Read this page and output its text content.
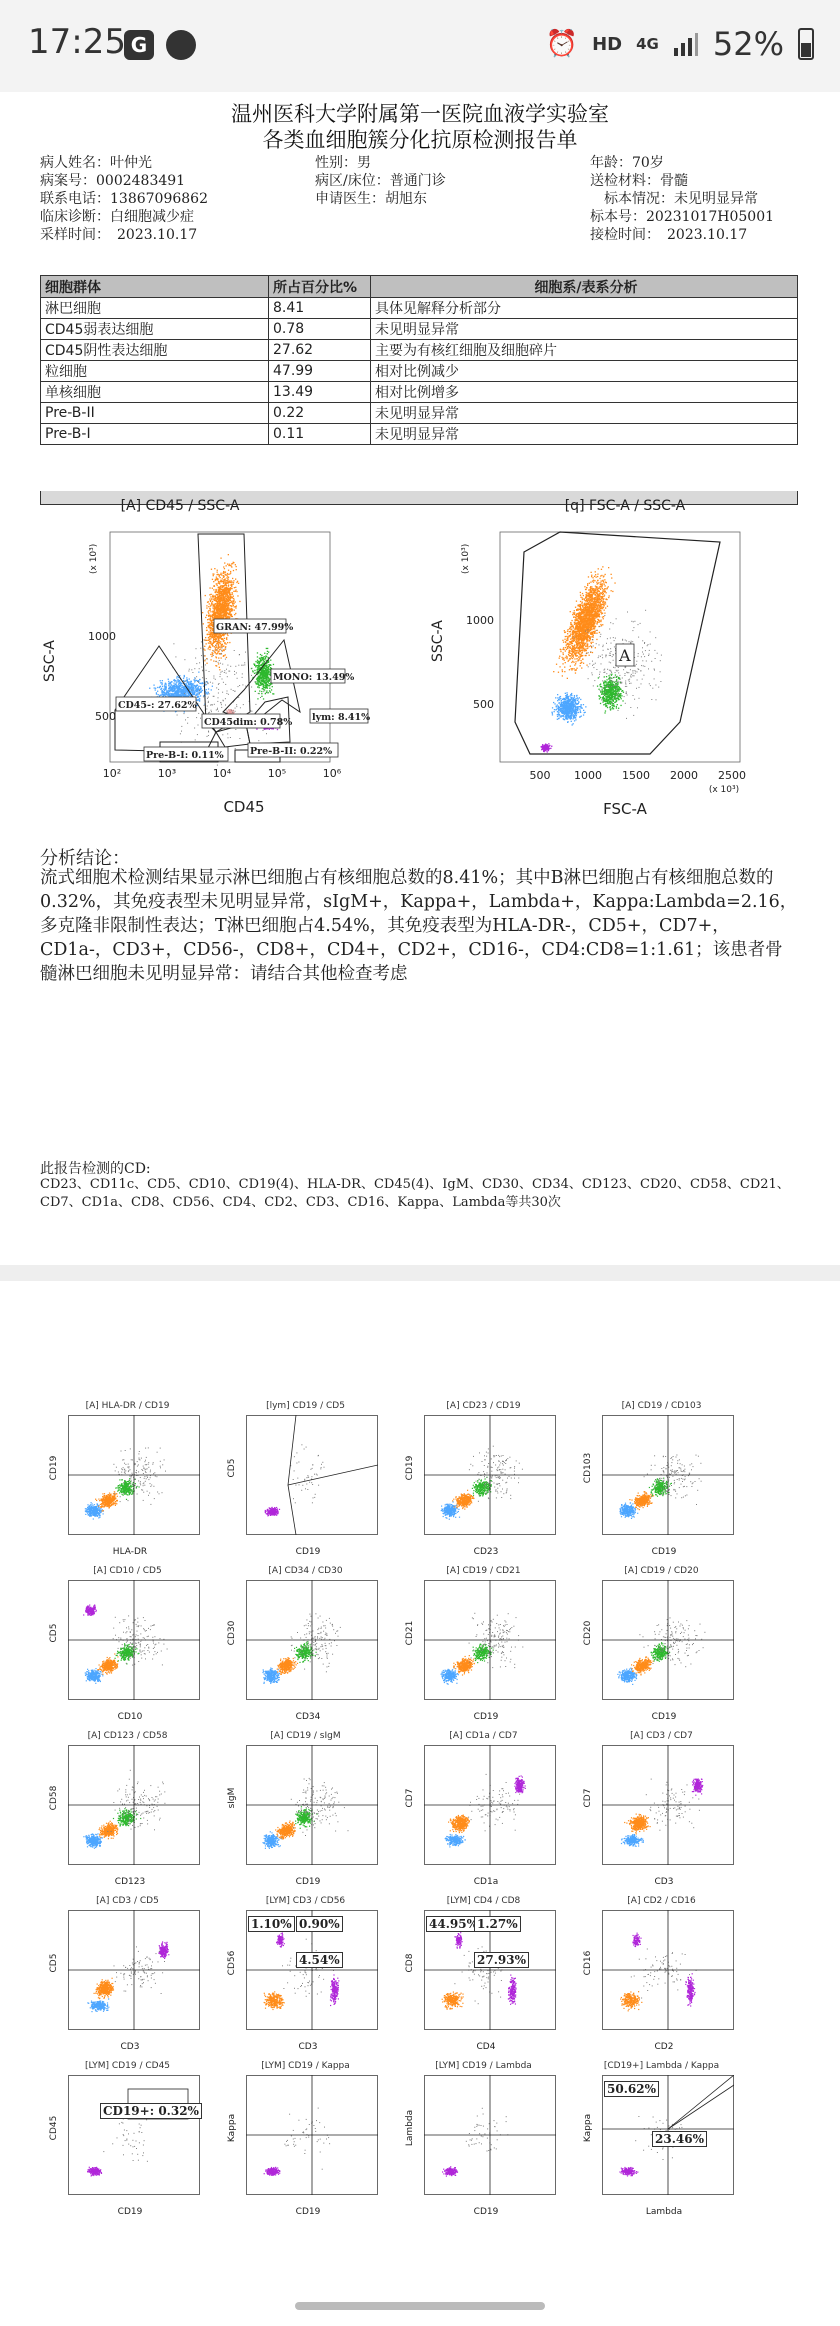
17:25 G	⏰ HD 4G 52%
温州医科大学附属第一医院血液学实验室
各类血细胞簇分化抗原检测报告单
病人姓名：叶仲光	性别：男	年龄：70岁
病案号：0002483491	病区/床位：普通门诊	送检材料：骨髓
联系电话：13867096862	申请医生：胡旭东	　标本情况：未见明显异常
临床诊断：白细胞减少症	标本号：20231017H05001
采样时间：　2023.10.17	接检时间：　2023.10.17
细胞群体	所占百分比%	细胞系/表系分析
淋巴细胞	8.41	具体见解释分析部分
CD45弱表达细胞	0.78	未见明显异常
CD45阴性表达细胞	27.62	主要为有核红细胞及细胞碎片
粒细胞	47.99	相对比例减少
单核细胞	13.49	相对比例增多
Pre-B-II	0.22	未见明显异常
Pre-B-I	0.11	未见明显异常
[A] CD45 / SSC-A
GRAN: 47.99%
MONO: 13.49%
CD45-: 27.62%
CD45dim: 0.78% lym: 8.41%
Pre-B-I: 0.11%	Pre-B-II: 0.22%
1000
500
(x 10³)
SSC-A
10²	10³	10⁴	10⁵	10⁶
CD45
[q] FSC-A / SSC-A
A
1000
500
(x 10³)
SSC-A
500 1000 1500 2000 2500
(x 10³)
FSC-A
分析结论：
流式细胞术检测结果显示淋巴细胞占有核细胞总数的8.41%；其中B淋巴细胞占有核细胞总数的0.32%，其免疫表型未见明显异常，sIgM+，Kappa+，Lambda+，Kappa:Lambda=2.16，多克隆非限制性表达；T淋巴细胞占4.54%，其免疫表型为HLA-DR-，CD5+，CD7+，CD1a-，CD3+，CD56-，CD8+，CD4+，CD2+，CD16-，CD4:CD8=1:1.61；该患者骨髓淋巴细胞未见明显异常：请结合其他检查考虑
此报告检测的CD:
CD23、CD11c、CD5、CD10、CD19(4)、HLA-DR、CD45(4)、IgM、CD30、CD34、CD123、CD20、CD58、CD21、CD7、CD1a、CD8、CD56、CD4、CD2、CD3、CD16、Kappa、Lambda等共30次
[A] HLA-DR / CD19
CD19
HLA-DR
[lym] CD19 / CD5
CD5
CD19
[A] CD23 / CD19
CD19
CD23
[A] CD19 / CD103
CD103
CD19
[A] CD10 / CD5
CD5
CD10
[A] CD34 / CD30
CD30
CD34
[A] CD19 / CD21
CD21
CD19
[A] CD19 / CD20
CD20
CD19
[A] CD123 / CD58
CD58
CD123
[A] CD19 / sIgM
sIgM
CD19
[A] CD1a / CD7
CD7
CD1a
[A] CD3 / CD7
CD7
CD3
[A] CD3 / CD5
CD5
CD3
[LYM] CD3 / CD56
CD56
CD3
1.10% 0.90%
4.54%
[LYM] CD4 / CD8
CD8
CD4
44.95% 1.27%
27.93%
[A] CD2 / CD16
CD16
CD2
[LYM] CD19 / CD45
CD45
CD19
CD19+: 0.32%
[LYM] CD19 / Kappa
Kappa
CD19
[LYM] CD19 / Lambda
Lambda
CD19
[CD19+] Lambda / Kappa
Kappa
Lambda
50.62%
23.46%
